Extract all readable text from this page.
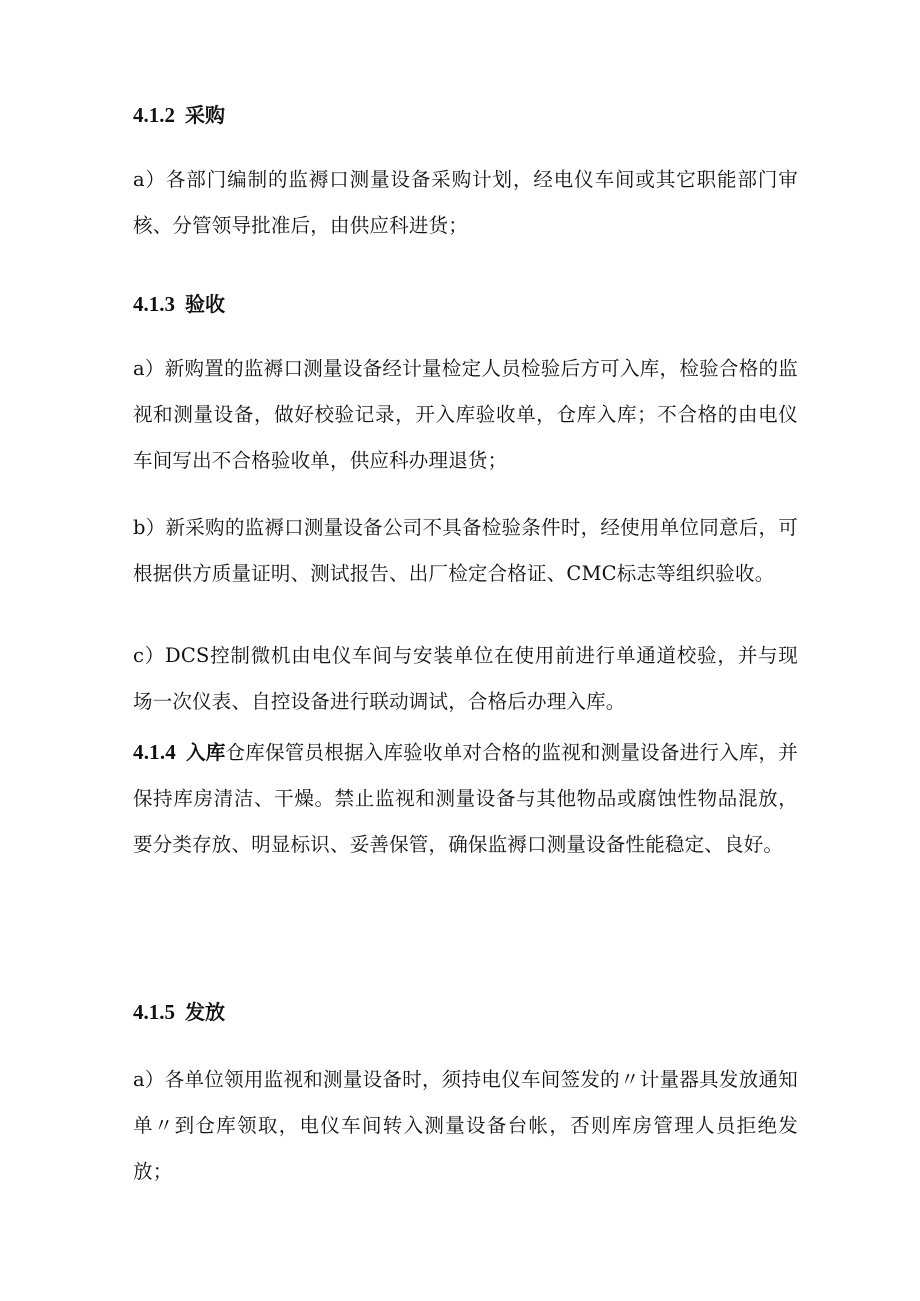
4.1.2 采购
a）各部门编制的监褥口测量设备采购计划，经电仪车间或其它职能部门审核、分管领导批准后，由供应科进货；
4.1.3 验收
a）新购置的监褥口测量设备经计量检定人员检验后方可入库，检验合格的监视和测量设备，做好校验记录，开入库验收单，仓库入库；不合格的由电仪车间写出不合格验收单，供应科办理退货；
b）新采购的监褥口测量设备公司不具备检验条件时，经使用单位同意后，可根据供方质量证明、测试报告、出厂检定合格证、CMC标志等组织验收。
c）DCS控制微机由电仪车间与安装单位在使用前进行单通道校验，并与现场一次仪表、自控设备进行联动调试，合格后办理入库。
4.1.4 入库仓库保管员根据入库验收单对合格的监视和测量设备进行入库，并保持库房清洁、干燥。禁止监视和测量设备与其他物品或腐蚀性物品混放，要分类存放、明显标识、妥善保管，确保监褥口测量设备性能稳定、良好。
4.1.5 发放
a）各单位领用监视和测量设备时，须持电仪车间签发的〃计量器具发放通知单〃到仓库领取，电仪车间转入测量设备台帐，否则库房管理人员拒绝发放；
